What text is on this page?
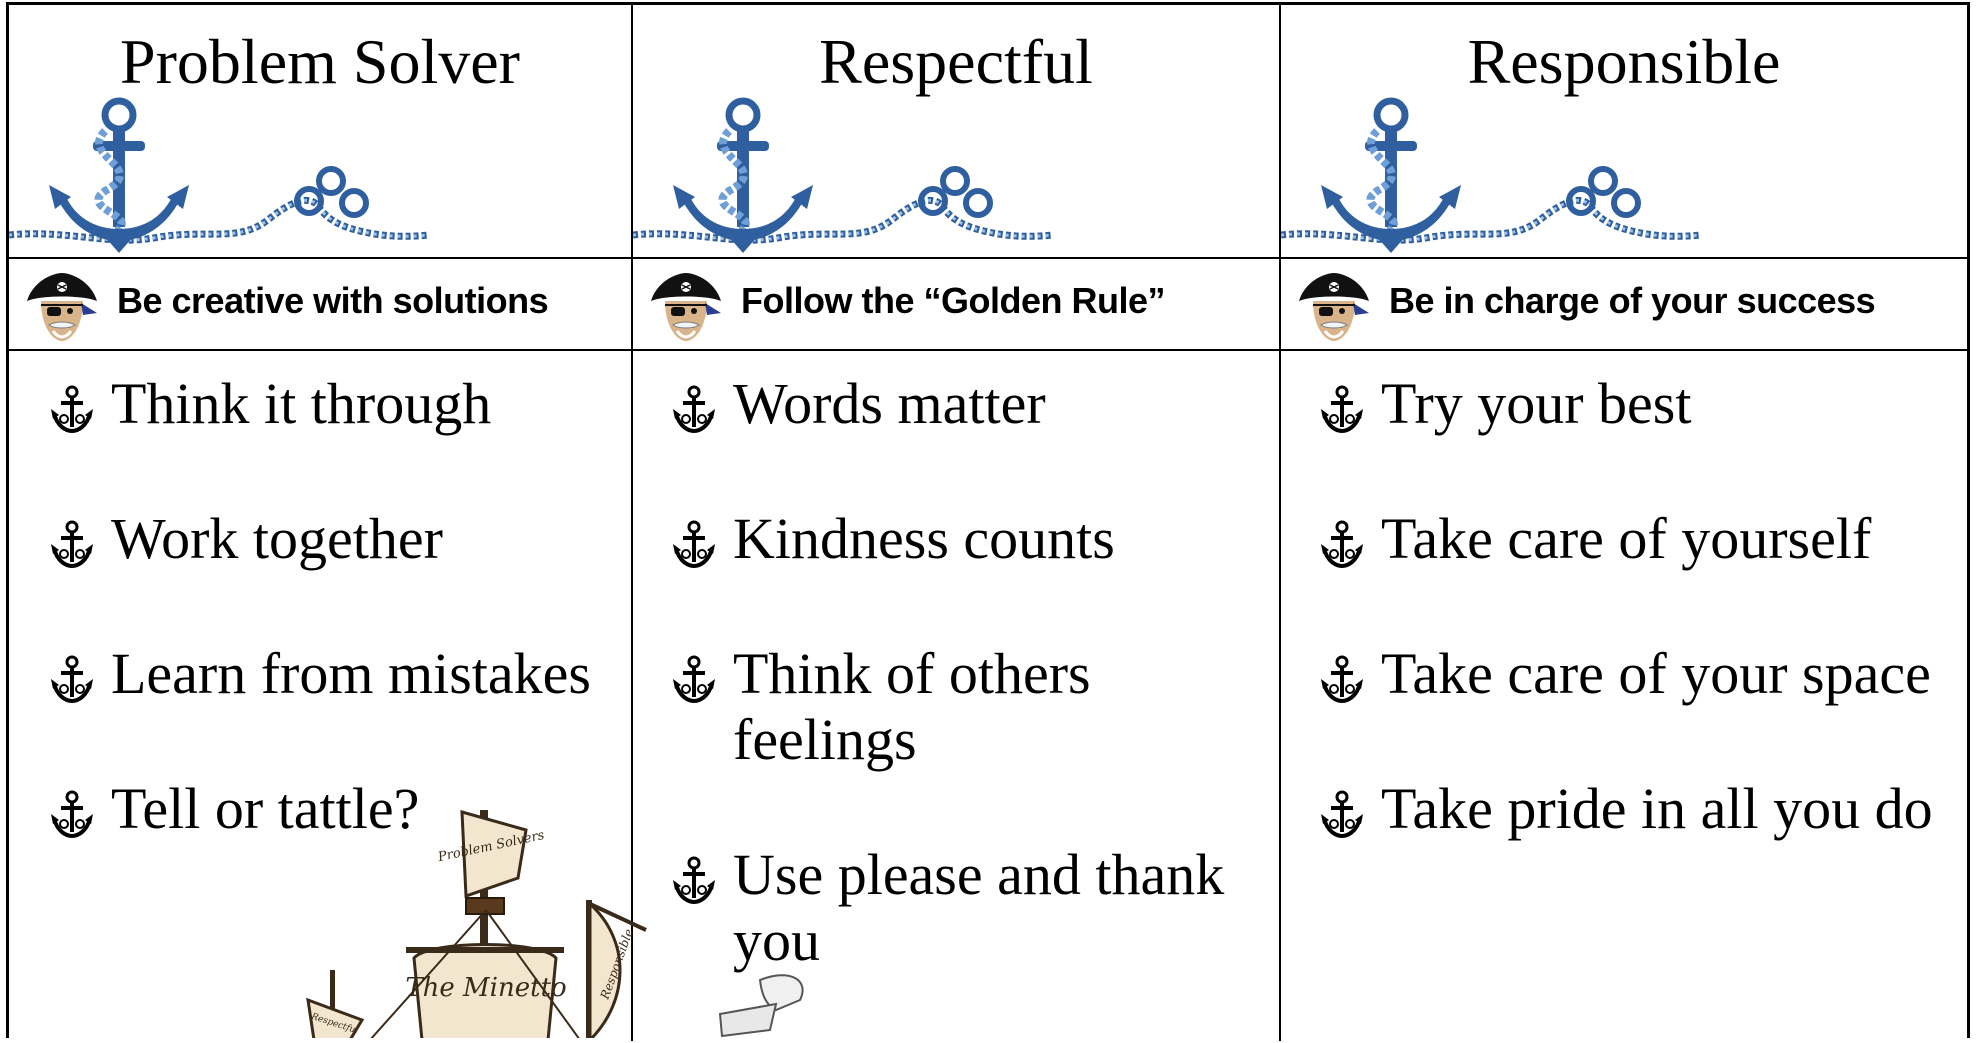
Problem Solver
Be creative with solutions
Think it through
Work together
Learn from mistakes
Tell or tattle?
Respectful
Follow the “Golden Rule”
Words matter
Kindness counts
Think of others feelings
Use please and thank you
Responsible
Be in charge of your success
Try your best
Take care of yourself
Take care of your space
Take pride in all you do
Problem Solvers
The Minetto	Responsible
Respectful
